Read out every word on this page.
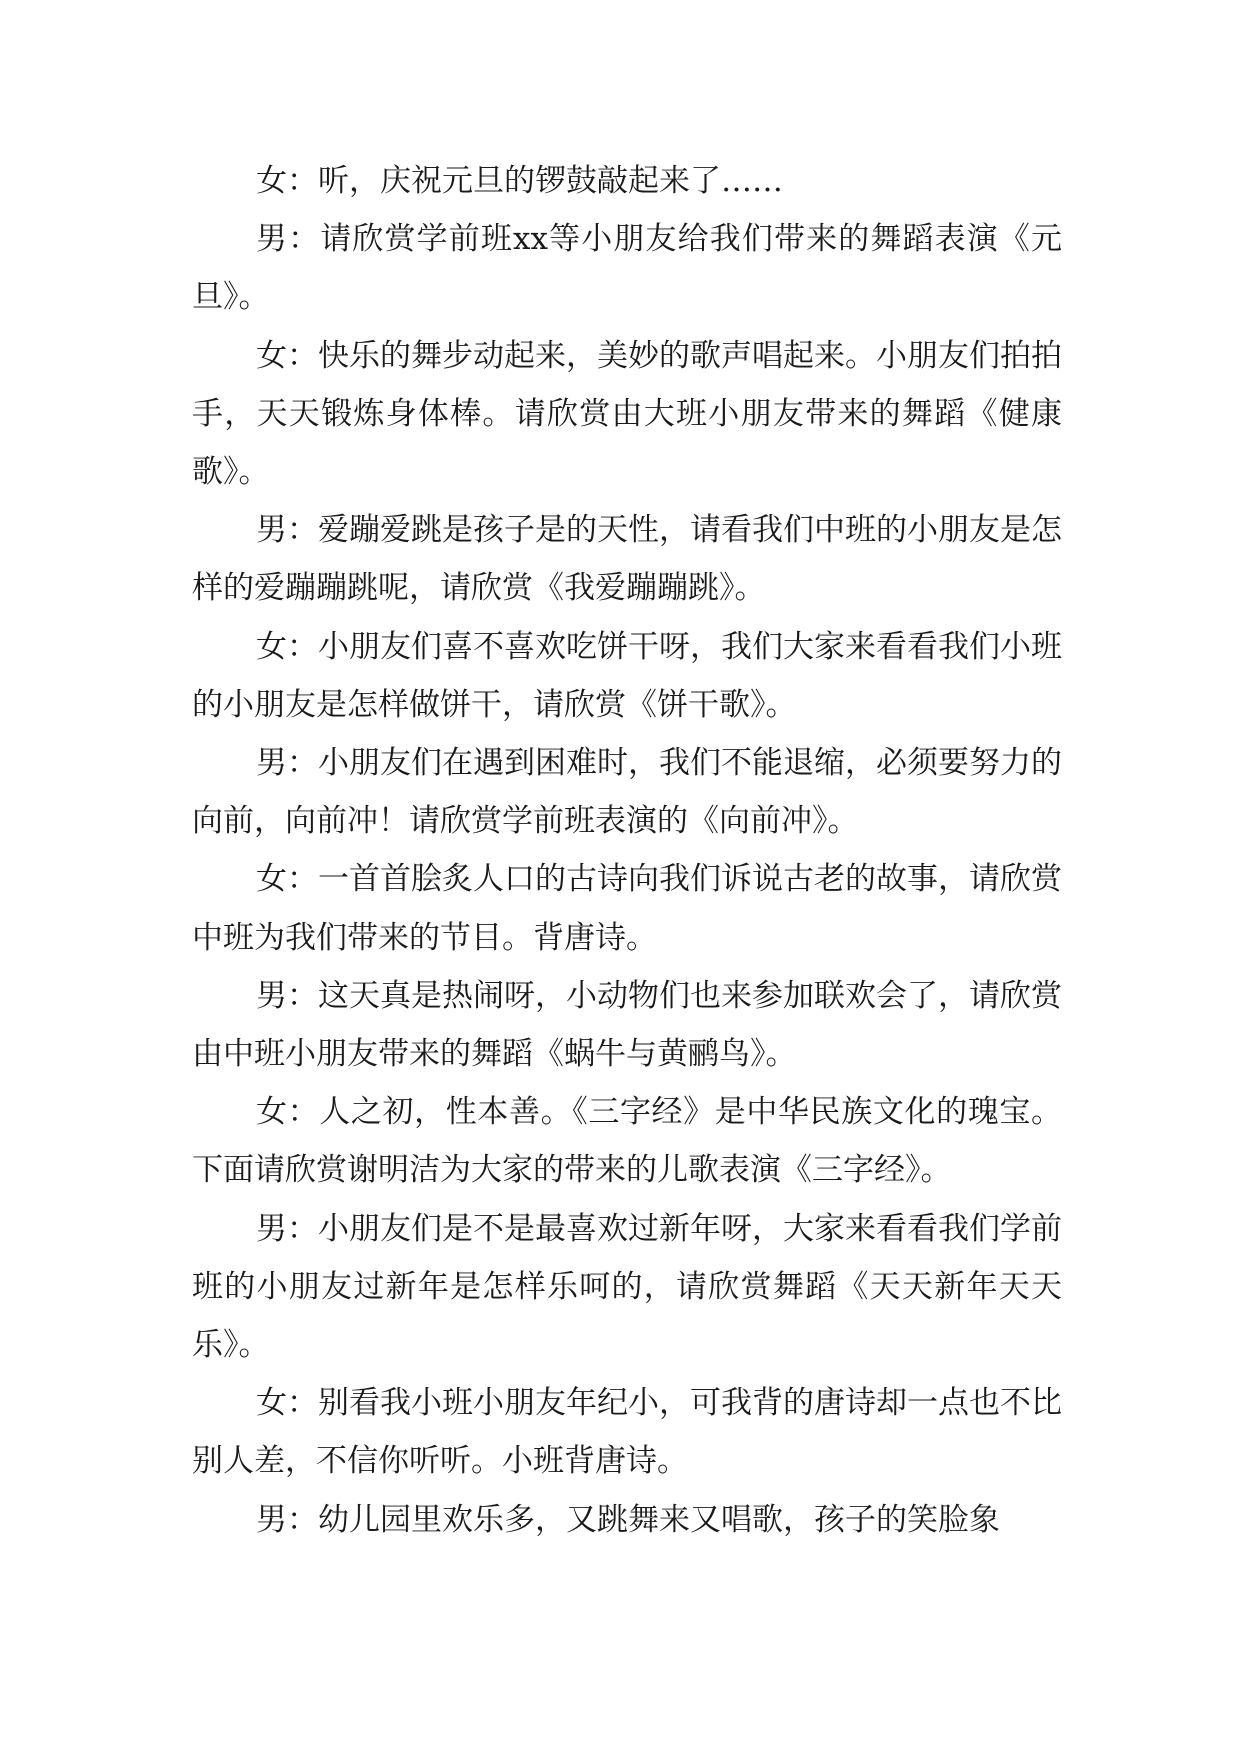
女：听，庆祝元旦的锣鼓敲起来了……

男：请欣赏学前班xx等小朋友给我们带来的舞蹈表演《元旦》。

女：快乐的舞步动起来，美妙的歌声唱起来。小朋友们拍拍手，天天锻炼身体棒。请欣赏由大班小朋友带来的舞蹈《健康歌》。

男：爱蹦爱跳是孩子是的天性，请看我们中班的小朋友是怎样的爱蹦蹦跳呢，请欣赏《我爱蹦蹦跳》。

女：小朋友们喜不喜欢吃饼干呀，我们大家来看看我们小班的小朋友是怎样做饼干，请欣赏《饼干歌》。

男：小朋友们在遇到困难时，我们不能退缩，必须要努力的向前，向前冲！请欣赏学前班表演的《向前冲》。

女：一首首脍炙人口的古诗向我们诉说古老的故事，请欣赏中班为我们带来的节目。背唐诗。

男：这天真是热闹呀，小动物们也来参加联欢会了，请欣赏由中班小朋友带来的舞蹈《蜗牛与黄鹂鸟》。

女：人之初，性本善。《三字经》是中华民族文化的瑰宝。下面请欣赏谢明洁为大家的带来的儿歌表演《三字经》。

男：小朋友们是不是最喜欢过新年呀，大家来看看我们学前班的小朋友过新年是怎样乐呵的，请欣赏舞蹈《天天新年天天乐》。

女：别看我小班小朋友年纪小，可我背的唐诗却一点也不比别人差，不信你听听。小班背唐诗。

男：幼儿园里欢乐多，又跳舞来又唱歌，孩子的笑脸象
